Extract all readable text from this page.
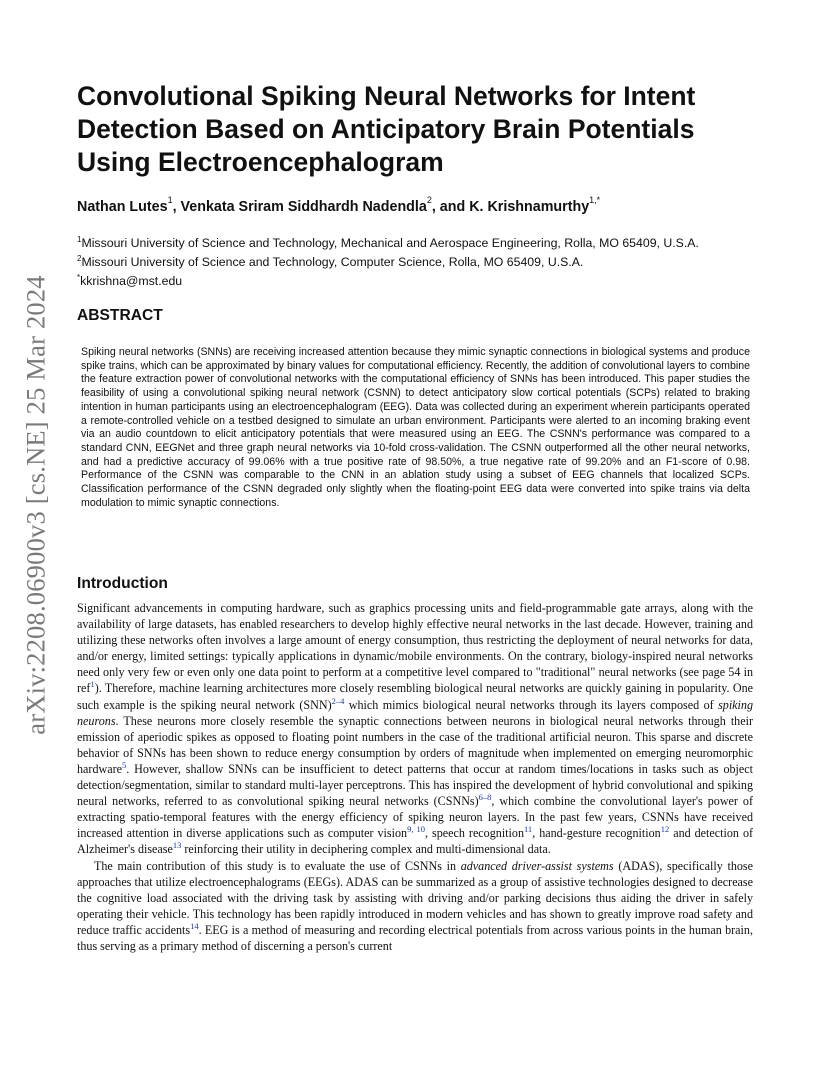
arXiv:2208.06900v3 [cs.NE] 25 Mar 2024
Convolutional Spiking Neural Networks for Intent Detection Based on Anticipatory Brain Potentials Using Electroencephalogram
Nathan Lutes$^1$, Venkata Sriram Siddhardh Nadendla$^2$, and K. Krishnamurthy$^{1,*}$
$^1$Missouri University of Science and Technology, Mechanical and Aerospace Engineering, Rolla, MO 65409, U.S.A.
$^2$Missouri University of Science and Technology, Computer Science, Rolla, MO 65409, U.S.A.
*kkrishna@mst.edu
ABSTRACT

Spiking neural networks (SNNs) are receiving increased attention because they mimic synaptic connections in biological systems and produce spike trains, which can be approximated by binary values for computational efficiency. Recently, the addition of convolutional layers to combine the feature extraction power of convolutional networks with the computational efficiency of SNNs has been introduced. This paper studies the feasibility of using a convolutional spiking neural network (CSNN) to detect anticipatory slow cortical potentials (SCPs) related to braking intention in human participants using an electroencephalogram (EEG). Data was collected during an experiment wherein participants operated a remote-controlled vehicle on a testbed designed to simulate an urban environment. Participants were alerted to an incoming braking event via an audio countdown to elicit anticipatory potentials that were measured using an EEG. The CSNN's performance was compared to a standard CNN, EEGNet and three graph neural networks via 10-fold cross-validation. The CSNN outperformed all the other neural networks, and had a predictive accuracy of 99.06% with a true positive rate of 98.50%, a true negative rate of 99.20% and an F1-score of 0.98. Performance of the CSNN was comparable to the CNN in an ablation study using a subset of EEG channels that localized SCPs. Classification performance of the CSNN degraded only slightly when the floating-point EEG data were converted into spike trains via delta modulation to mimic synaptic connections.

Introduction

Significant advancements in computing hardware, such as graphics processing units and field-programmable gate arrays, along with the availability of large datasets, has enabled researchers to develop highly effective neural networks in the last decade. However, training and utilizing these networks often involves a large amount of energy consumption, thus restricting the deployment of neural networks for data, and/or energy, limited settings: typically applications in dynamic/mobile environments. On the contrary, biology-inspired neural networks need only very few or even only one data point to perform at a competitive level compared to "traditional" neural networks (see page 54 in ref$^1$). Therefore, machine learning architectures more closely resembling biological neural networks are quickly gaining in popularity. One such example is the spiking neural network (SNN)$^{2-4}$ which mimics biological neural networks through its layers composed of spiking neurons. These neurons more closely resemble the synaptic connections between neurons in biological neural networks through their emission of aperiodic spikes as opposed to floating point numbers in the case of the traditional artificial neuron. This sparse and discrete behavior of SNNs has been shown to reduce energy consumption by orders of magnitude when implemented on emerging neuromorphic hardware$^5$. However, shallow SNNs can be insufficient to detect patterns that occur at random times/locations in tasks such as object detection/segmentation, similar to standard multi-layer perceptrons. This has inspired the development of hybrid convolutional and spiking neural networks, referred to as convolutional spiking neural networks (CSNNs)$^{6-8}$, which combine the convolutional layer's power of extracting spatio-temporal features with the energy efficiency of spiking neuron layers. In the past few years, CSNNs have received increased attention in diverse applications such as computer vision$^{9, 10}$, speech recognition$^{11}$, hand-gesture recognition$^{12}$ and detection of Alzheimer's disease$^{13}$ reinforcing their utility in deciphering complex and multi-dimensional data.

The main contribution of this study is to evaluate the use of CSNNs in advanced driver-assist systems (ADAS), specifically those approaches that utilize electroencephalograms (EEGs). ADAS can be summarized as a group of assistive technologies designed to decrease the cognitive load associated with the driving task by assisting with driving and/or parking decisions thus aiding the driver in safely operating their vehicle. This technology has been rapidly introduced in modern vehicles and has shown to greatly improve road safety and reduce traffic accidents$^{14}$. EEG is a method of measuring and recording electrical potentials from across various points in the human brain, thus serving as a primary method of discerning a person's current
